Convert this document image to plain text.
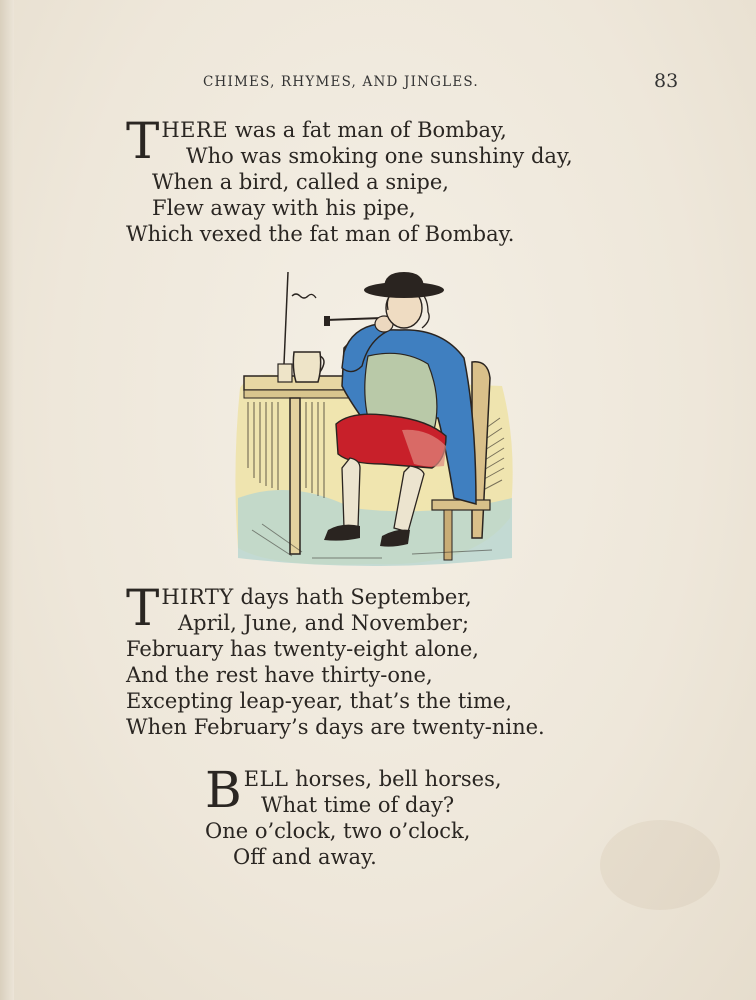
CHIMES, RHYMES, AND JINGLES.	83
THERE was a fat man of Bombay,
Who was smoking one sunshiny day,
When a bird, called a snipe,
Flew away with his pipe,
Which vexed the fat man of Bombay.
THIRTY days hath September,
April, June, and November;
February has twenty-eight alone,
And the rest have thirty-one,
Excepting leap-year, that’s the time,
When February’s days are twenty-nine.
BELL horses, bell horses,
What time of day?
One o’clock, two o’clock,
Off and away.
